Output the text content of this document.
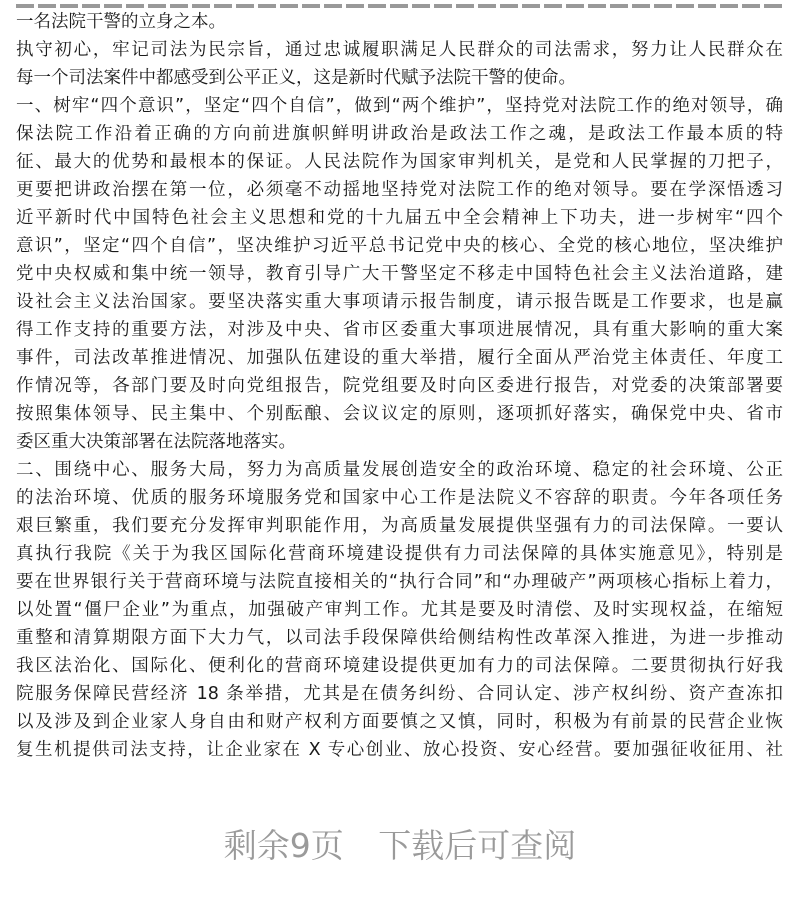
一名法院干警的立身之本。
执守初心，牢记司法为民宗旨，通过忠诚履职满足人民群众的司法需求，努力让人民群众在
每一个司法案件中都感受到公平正义，这是新时代赋予法院干警的使命。
一、树牢“四个意识”，坚定“四个自信”，做到“两个维护”，坚持党对法院工作的绝对领导，确
保法院工作沿着正确的方向前进旗帜鲜明讲政治是政法工作之魂，是政法工作最本质的特
征、最大的优势和最根本的保证。人民法院作为国家审判机关，是党和人民掌握的刀把子，
更要把讲政治摆在第一位，必须毫不动摇地坚持党对法院工作的绝对领导。要在学深悟透习
近平新时代中国特色社会主义思想和党的十九届五中全会精神上下功夫，进一步树牢“四个
意识”，坚定“四个自信”，坚决维护习近平总书记党中央的核心、全党的核心地位，坚决维护
党中央权威和集中统一领导，教育引导广大干警坚定不移走中国特色社会主义法治道路，建
设社会主义法治国家。要坚决落实重大事项请示报告制度，请示报告既是工作要求，也是赢
得工作支持的重要方法，对涉及中央、省市区委重大事项进展情况，具有重大影响的重大案
事件，司法改革推进情况、加强队伍建设的重大举措，履行全面从严治党主体责任、年度工
作情况等，各部门要及时向党组报告，院党组要及时向区委进行报告，对党委的决策部署要
按照集体领导、民主集中、个别酝酿、会议议定的原则，逐项抓好落实，确保党中央、省市
委区重大决策部署在法院落地落实。
二、围绕中心、服务大局，努力为高质量发展创造安全的政治环境、稳定的社会环境、公正
的法治环境、优质的服务环境服务党和国家中心工作是法院义不容辞的职责。今年各项任务
艰巨繁重，我们要充分发挥审判职能作用，为高质量发展提供坚强有力的司法保障。一要认
真执行我院《关于为我区国际化营商环境建设提供有力司法保障的具体实施意见》，特别是
要在世界银行关于营商环境与法院直接相关的“执行合同”和“办理破产”两项核心指标上着力，
以处置“僵尸企业”为重点，加强破产审判工作。尤其是要及时清偿、及时实现权益，在缩短
重整和清算期限方面下大力气，以司法手段保障供给侧结构性改革深入推进，为进一步推动
我区法治化、国际化、便利化的营商环境建设提供更加有力的司法保障。二要贯彻执行好我
院服务保障民营经济 18 条举措，尤其是在债务纠纷、合同认定、涉产权纠纷、资产查冻扣
以及涉及到企业家人身自由和财产权利方面要慎之又慎，同时，积极为有前景的民营企业恢
复生机提供司法支持，让企业家在 X 专心创业、放心投资、安心经营。要加强征收征用、社
剩余9页 下载后可查阅
